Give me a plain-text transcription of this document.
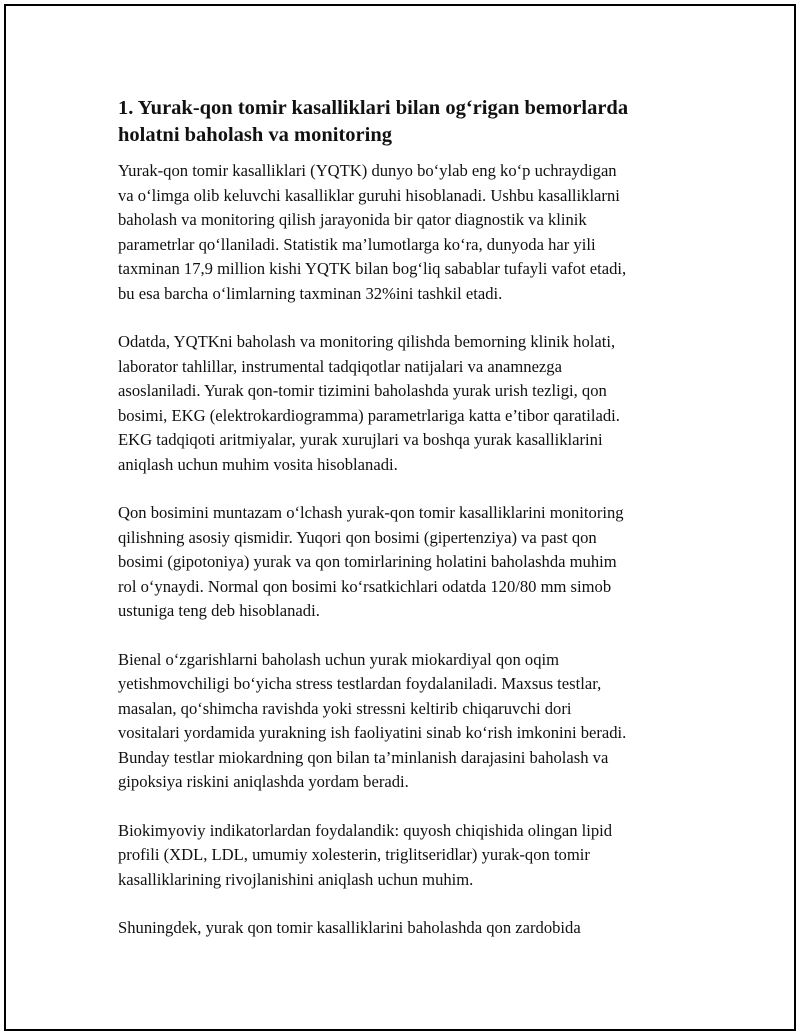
1. Yurak-qon tomir kasalliklari bilan og‘rigan bemorlarda
holatni baholash va monitoring

Yurak-qon tomir kasalliklari (YQTK) dunyo bo‘ylab eng ko‘p uchraydigan
va o‘limga olib keluvchi kasalliklar guruhi hisoblanadi. Ushbu kasalliklarni
baholash va monitoring qilish jarayonida bir qator diagnostik va klinik
parametrlar qo‘llaniladi. Statistik ma’lumotlarga ko‘ra, dunyoda har yili
taxminan 17,9 million kishi YQTK bilan bog‘liq sabablar tufayli vafot etadi,
bu esa barcha o‘limlarning taxminan 32%ini tashkil etadi.

Odatda, YQTKni baholash va monitoring qilishda bemorning klinik holati,
laborator tahlillar, instrumental tadqiqotlar natijalari va anamnezga
asoslaniladi. Yurak qon-tomir tizimini baholashda yurak urish tezligi, qon
bosimi, EKG (elektrokardiogramma) parametrlariga katta e’tibor qaratiladi.
EKG tadqiqoti aritmiyalar, yurak xurujlari va boshqa yurak kasalliklarini
aniqlash uchun muhim vosita hisoblanadi.

Qon bosimini muntazam o‘lchash yurak-qon tomir kasalliklarini monitoring
qilishning asosiy qismidir. Yuqori qon bosimi (gipertenziya) va past qon
bosimi (gipotoniya) yurak va qon tomirlarining holatini baholashda muhim
rol o‘ynaydi. Normal qon bosimi ko‘rsatkichlari odatda 120/80 mm simob
ustuniga teng deb hisoblanadi.

Bienal o‘zgarishlarni baholash uchun yurak miokardiyal qon oqim
yetishmovchiligi bo‘yicha stress testlardan foydalaniladi. Maxsus testlar,
masalan, qo‘shimcha ravishda yoki stressni keltirib chiqaruvchi dori
vositalari yordamida yurakning ish faoliyatini sinab ko‘rish imkonini beradi.
Bunday testlar miokardning qon bilan ta’minlanish darajasini baholash va
gipoksiya riskini aniqlashda yordam beradi.

Biokimyoviy indikatorlardan foydalandik: quyosh chiqishida olingan lipid
profili (XDL, LDL, umumiy xolesterin, triglitseridlar) yurak-qon tomir
kasalliklarining rivojlanishini aniqlash uchun muhim.

Shuningdek, yurak qon tomir kasalliklarini baholashda qon zardobida
